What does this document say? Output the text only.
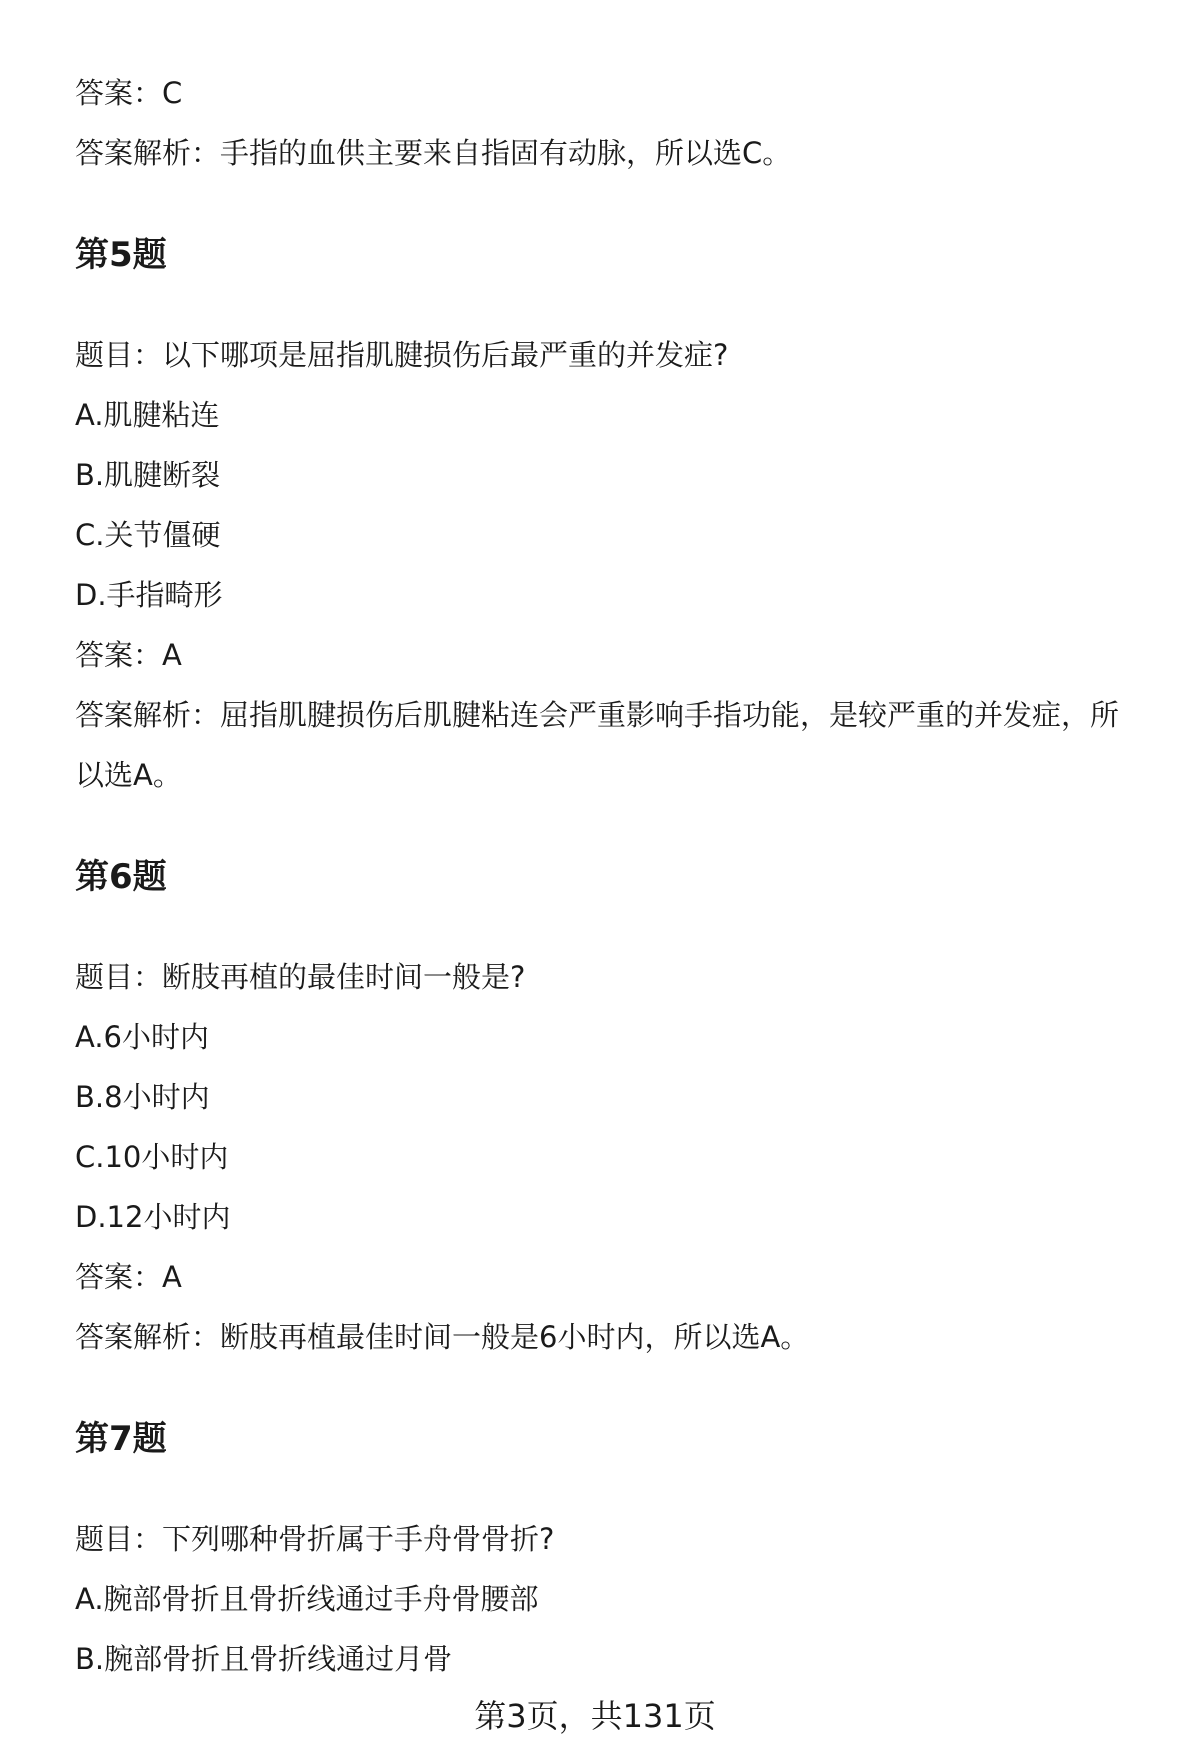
答案：C
答案解析：手指的血供主要来自指固有动脉，所以选C。
第5题
题目：以下哪项是屈指肌腱损伤后最严重的并发症?
A.肌腱粘连
B.肌腱断裂
C.关节僵硬
D.手指畸形
答案：A
答案解析：屈指肌腱损伤后肌腱粘连会严重影响手指功能，是较严重的并发症，所
以选A。
第6题
题目：断肢再植的最佳时间一般是?
A.6小时内
B.8小时内
C.10小时内
D.12小时内
答案：A
答案解析：断肢再植最佳时间一般是6小时内，所以选A。
第7题
题目：下列哪种骨折属于手舟骨骨折?
A.腕部骨折且骨折线通过手舟骨腰部
B.腕部骨折且骨折线通过月骨
第3页，共131页
